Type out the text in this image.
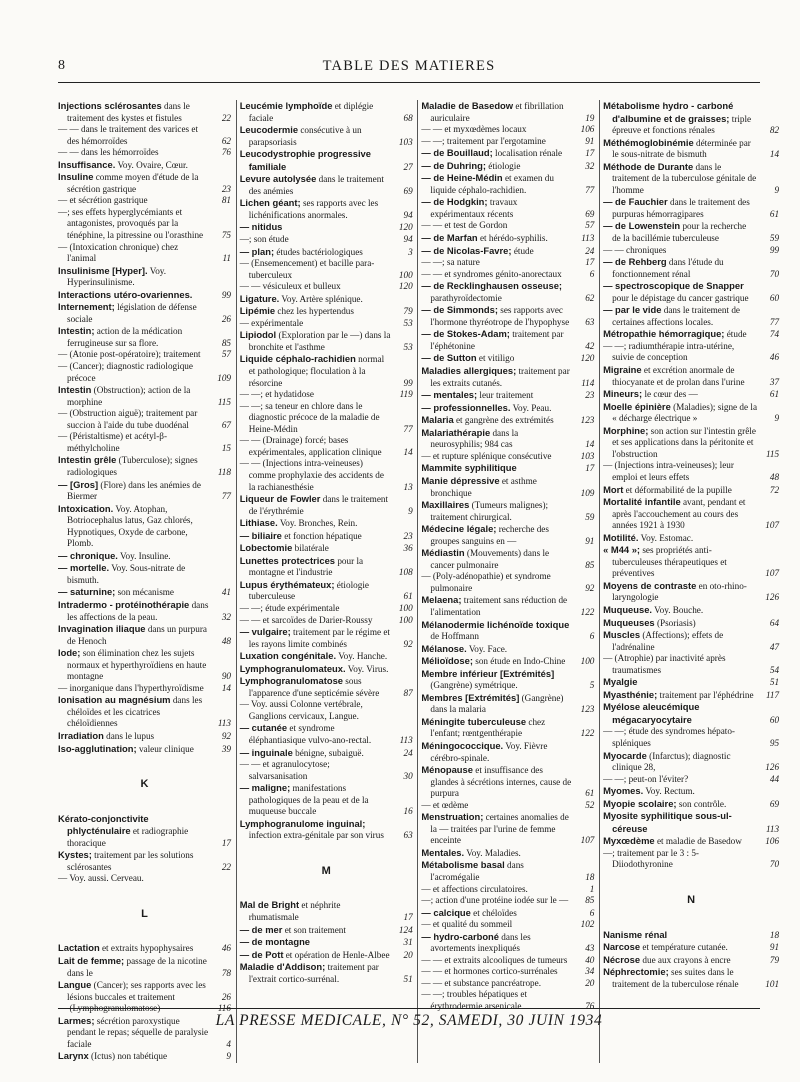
8	TABLE DES MATIERES

Injections sclérosantes dans le traitement des kystes et fistules	22

— — dans le traitement des varices et des hémorroïdes	62

— — dans les hémorroïdes	76

Insuffisance. Voy. Ovaire, Cœur.

Insuline comme moyen d'étude de la sécrétion gastrique	23

— et sécrétion gastrique	81

—; ses effets hyperglycémiants et antagonistes, provoqués par la ténéphine, la pitressine ou l'orasthine 75

— (Intoxication chronique) chez l'animal	11

Insulinisme [Hyper]. Voy. Hyperinsulinisme.

Interactions utéro-ovariennes.	99

Internement; législation de défense sociale	26

Intestin; action de la médication ferrugineuse sur sa flore.	85

— (Atonie post-opératoire); traitement 57

— (Cancer); diagnostic radiologique précoce	109

Intestin (Obstruction); action de la morphine	115

— (Obstruction aiguë); traitement par succion à l'aide du tube duodénal	67

— (Péristaltisme) et acétyl-β-méthylcholine	15

Intestin grêle (Tuberculose); signes radiologiques	118

— [Gros] (Flore) dans les anémies de Biermer	77

Intoxication. Voy. Atophan, Botriocephalus latus, Gaz chlorés, Hypnotiques, Oxyde de carbone, Plomb.

— chronique. Voy. Insuline.

— mortelle. Voy. Sous-nitrate de bismuth.

— saturnine; son mécanisme	41

Intradermo - protéinothérapie dans les affections de la peau.	32

Invagination iliaque dans un purpura de Henoch	48

Iode; son élimination chez les sujets normaux et hyperthyroïdiens en haute montagne	90

— inorganique dans l'hyperthyroïdisme 14

Ionisation au magnésium dans les chéloïdes et les cicatrices chéloïdiennes	113

Irradiation dans le lupus	92

Iso-agglutination; valeur clinique	39

K

Kérato-conjonctivite phlycténulaire et radiographie thoracique	17

Kystes; traitement par les solutions sclérosantes	22

— Voy. aussi. Cerveau.

L

Lactation et extraits hypophysaires	46

Lait de femme; passage de la nicotine dans le	78

Langue (Cancer); ses rapports avec les lésions buccales et traitement	26

— (Lymphogranulomatose)	116

Larmes; sécrétion paroxystique pendant le repas; séquelle de paralysie faciale	4

Larynx (Ictus) non tabétique	9

Leucémie lymphoïde et diplégie faciale	68

Leucodermie consécutive à un parapsoriasis	103

Leucodystrophie progressive familiale	27

Levure autolysée dans le traitement des anémies	69

Lichen géant; ses rapports avec les lichénifications anormales.	94

— nitidus	120

—; son étude	94

— plan; études bactériologiques	3

— (Ensemencement) et bacille para-tuberculeux	100

— — vésiculeux et bulleux	120

Ligature. Voy. Artère splénique.

Lipémie chez les hypertendus	79

— expérimentale	53

Lipiodol (Exploration par le —) dans la bronchite et l'asthme	53

Liquide céphalo-rachidien normal et pathologique; floculation à la résorcine	99

— —; et hydatidose	119

— —; sa teneur en chlore dans le diagnostic précoce de la maladie de Heine-Médin	77

— — (Drainage) forcé; bases expérimentales, application clinique 14

— — (Injections intra-veineuses) comme prophylaxie des accidents de la rachianesthésie	13

Liqueur de Fowler dans le traitement de l'érythrémie	9

Lithiase. Voy. Bronches, Rein.

— biliaire et fonction hépatique	23

Lobectomie bilatérale	36

Lunettes protectrices pour la montagne et l'industrie	108

Lupus érythémateux; étiologie tuberculeuse	61

— —; étude expérimentale	100

— — et sarcoïdes de Darier-Roussy	100

— vulgaire; traitement par le régime et les rayons limite combinés	92

Luxation congénitale. Voy. Hanche.

Lymphogranulomateux. Voy. Virus.

Lymphogranulomatose sous l'apparence d'une septicémie sévère	87

— Voy. aussi Colonne vertébrale, Ganglions cervicaux, Langue.

— cutanée et syndrome éléphantiasique vulvo-ano-rectal.	113

— inguinale bénigne, subaiguë.	24

— — et agranulocytose; salvarsanisation	30

— maligne; manifestations pathologiques de la peau et de la muqueuse buccale	16

Lymphogranulome inguinal; infection extra-génitale par son virus 63

M

Mal de Bright et néphrite rhumatismale	17

— de mer et son traitement	124

— de montagne	31

— de Pott et opération de Henle-Albee 20

Maladie d'Addison; traitement par l'extrait cortico-surrénal.	51

Maladie de Basedow et fibrillation auriculaire	19

— — et myxœdèmes locaux	106

— —; traitement par l'ergotamine	91

— de Bouillaud; localisation rénale	17

— de Duhring; étiologie	32

— de Heine-Médin et examen du liquide céphalo-rachidien.	77

— de Hodgkin; travaux expérimentaux récents	69

— — et test de Gordon	57

— de Marfan et hérédo-syphilis.	113

— de Nicolas-Favre; étude	24

— —; sa nature	17

— — et syndromes génito-anorectaux	6

— de Recklinghausen osseuse; parathyroïdectomie	62

— de Simmonds; ses rapports avec l'hormone thyréotrope de l'hypophyse 63

— de Stokes-Adam; traitement par l'éphétonine	42

— de Sutton et vitiligo	120

Maladies allergiques; traitement par les extraits cutanés.	114

— mentales; leur traitement	23

— professionnelles. Voy. Peau.

Malaria et gangrène des extrémités	123

Malariathérapie dans la neurosyphilis; 984 cas	14

— et rupture splénique consécutive	103

Mammite syphilitique	17

Manie dépressive et asthme bronchique	109

Maxillaires (Tumeurs malignes); traitement chirurgical.	59

Médecine légale; recherche des groupes sanguins en —	91

Médiastin (Mouvements) dans le cancer pulmonaire	85

— (Poly-adénopathie) et syndrome pulmonaire	92

Melaena; traitement sans réduction de l'alimentation	122

Mélanodermie lichénoïde toxique de Hoffmann	6

Mélanose. Voy. Face.

Mélioïdose; son étude en Indo-Chine 100

Membre inférieur [Extrémités] (Gangrène) symétrique.	5

Membres [Extrémités] (Gangrène) dans la malaria	123

Méningite tuberculeuse chez l'enfant; rœntgenthérapie	122

Méningococcique. Voy. Fièvre cérébro-spinale.

Ménopause et insuffisance des glandes à sécrétions internes, cause de purpura	61

— et œdème	52

Menstruation; certaines anomalies de la — traitées par l'urine de femme enceinte	107

Mentales. Voy. Maladies.

Métabolisme basal dans l'acromégalie	18

— et affections circulatoires.	1

—; action d'une protéine iodée sur le — 85

— calcique et chéloïdes	6

— et qualité du sommeil	102

— hydro-carboné dans les avortements inexpliqués	43

— — et extraits alcooliques de tumeurs 40

— — et hormones cortico-surrénales	34

— — et substance pancréatrope.	20

— —; troubles hépatiques et érythrodermie arsenicale	76

Métabolisme hydro - carboné d'albumine et de graisses; triple épreuve et fonctions rénales	82

Méthémoglobinémie déterminée par le sous-nitrate de bismuth	14

Méthode de Durante dans le traitement de la tuberculose génitale de l'homme	9

— de Fauchier dans le traitement des purpuras hémorragipares	61

— de Lowenstein pour la recherche de la bacillémie tuberculeuse	59

— — chroniques	99

— de Rehberg dans l'étude du fonctionnement rénal	70

— spectroscopique de Snapper pour le dépistage du cancer gastrique 60

— par le vide dans le traitement de certaines affections locales.	77

Métropathie hémorragique; étude	74

— —; radiumthérapie intra-utérine, suivie de conception	46

Migraine et excrétion anormale de thiocyanate et de prolan dans l'urine	37

Mineurs; le cœur des —	61

Moelle épinière (Maladies); signe de la « décharge électrique »	9

Morphine; son action sur l'intestin grêle et ses applications dans la péritonite et l'obstruction	115

— (Injections intra-veineuses); leur emploi et leurs effets	48

Mort et déformabilité de la pupille	72

Mortalité infantile avant, pendant et après l'accouchement au cours des années 1921 à 1930	107

Motilité. Voy. Estomac.

« M44 »; ses propriétés anti-tuberculeuses thérapeutiques et préventives	107

Moyens de contraste en oto-rhino-laryngologie	126

Muqueuse. Voy. Bouche.

Muqueuses (Psoriasis)	64

Muscles (Affections); effets de l'adrénaline	47

— (Atrophie) par inactivité après traumatismes	54

Myalgie	51

Myasthénie; traitement par l'éphédrine 117

Myélose aleucémique mégacaryocytaire	60

— —; étude des syndromes hépato-spléniques	95

Myocarde (Infarctus); diagnostic clinique 28,	126

— —; peut-on l'éviter?	44

Myomes. Voy. Rectum.

Myopie scolaire; son contrôle.	69

Myosite syphilitique sous-ul-céreuse	113

Myxœdème et maladie de Basedow	106

—; traitement par le 3 : 5-Diiodothyronine	70

N

Nanisme rénal	18

Narcose et température cutanée.	91

Nécrose due aux crayons à encre	79

Néphrectomie; ses suites dans le traitement de la tuberculose rénale	101

LA PRESSE MEDICALE, N° 52, SAMEDI, 30 JUIN 1934
